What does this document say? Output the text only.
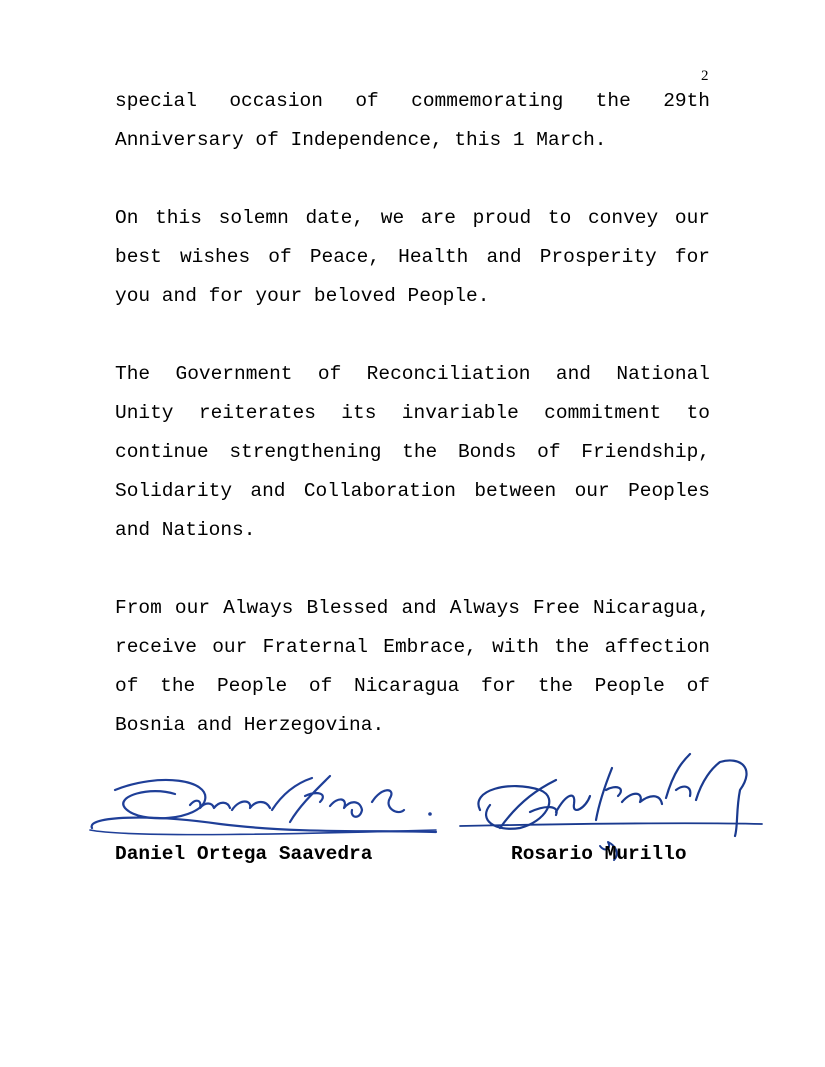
2

special occasion of commemorating the 29th Anniversary of Independence, this 1 March.

On this solemn date, we are proud to convey our best wishes of Peace, Health and Prosperity for you and for your beloved People.

The Government of Reconciliation and National Unity reiterates its invariable commitment to continue strengthening the Bonds of Friendship, Solidarity and Collaboration between our Peoples and Nations.

From our Always Blessed and Always Free Nicaragua, receive our Fraternal Embrace, with the affection of the People of Nicaragua for the People of Bosnia and Herzegovina.

Daniel Ortega Saavedra	Rosario Murillo
